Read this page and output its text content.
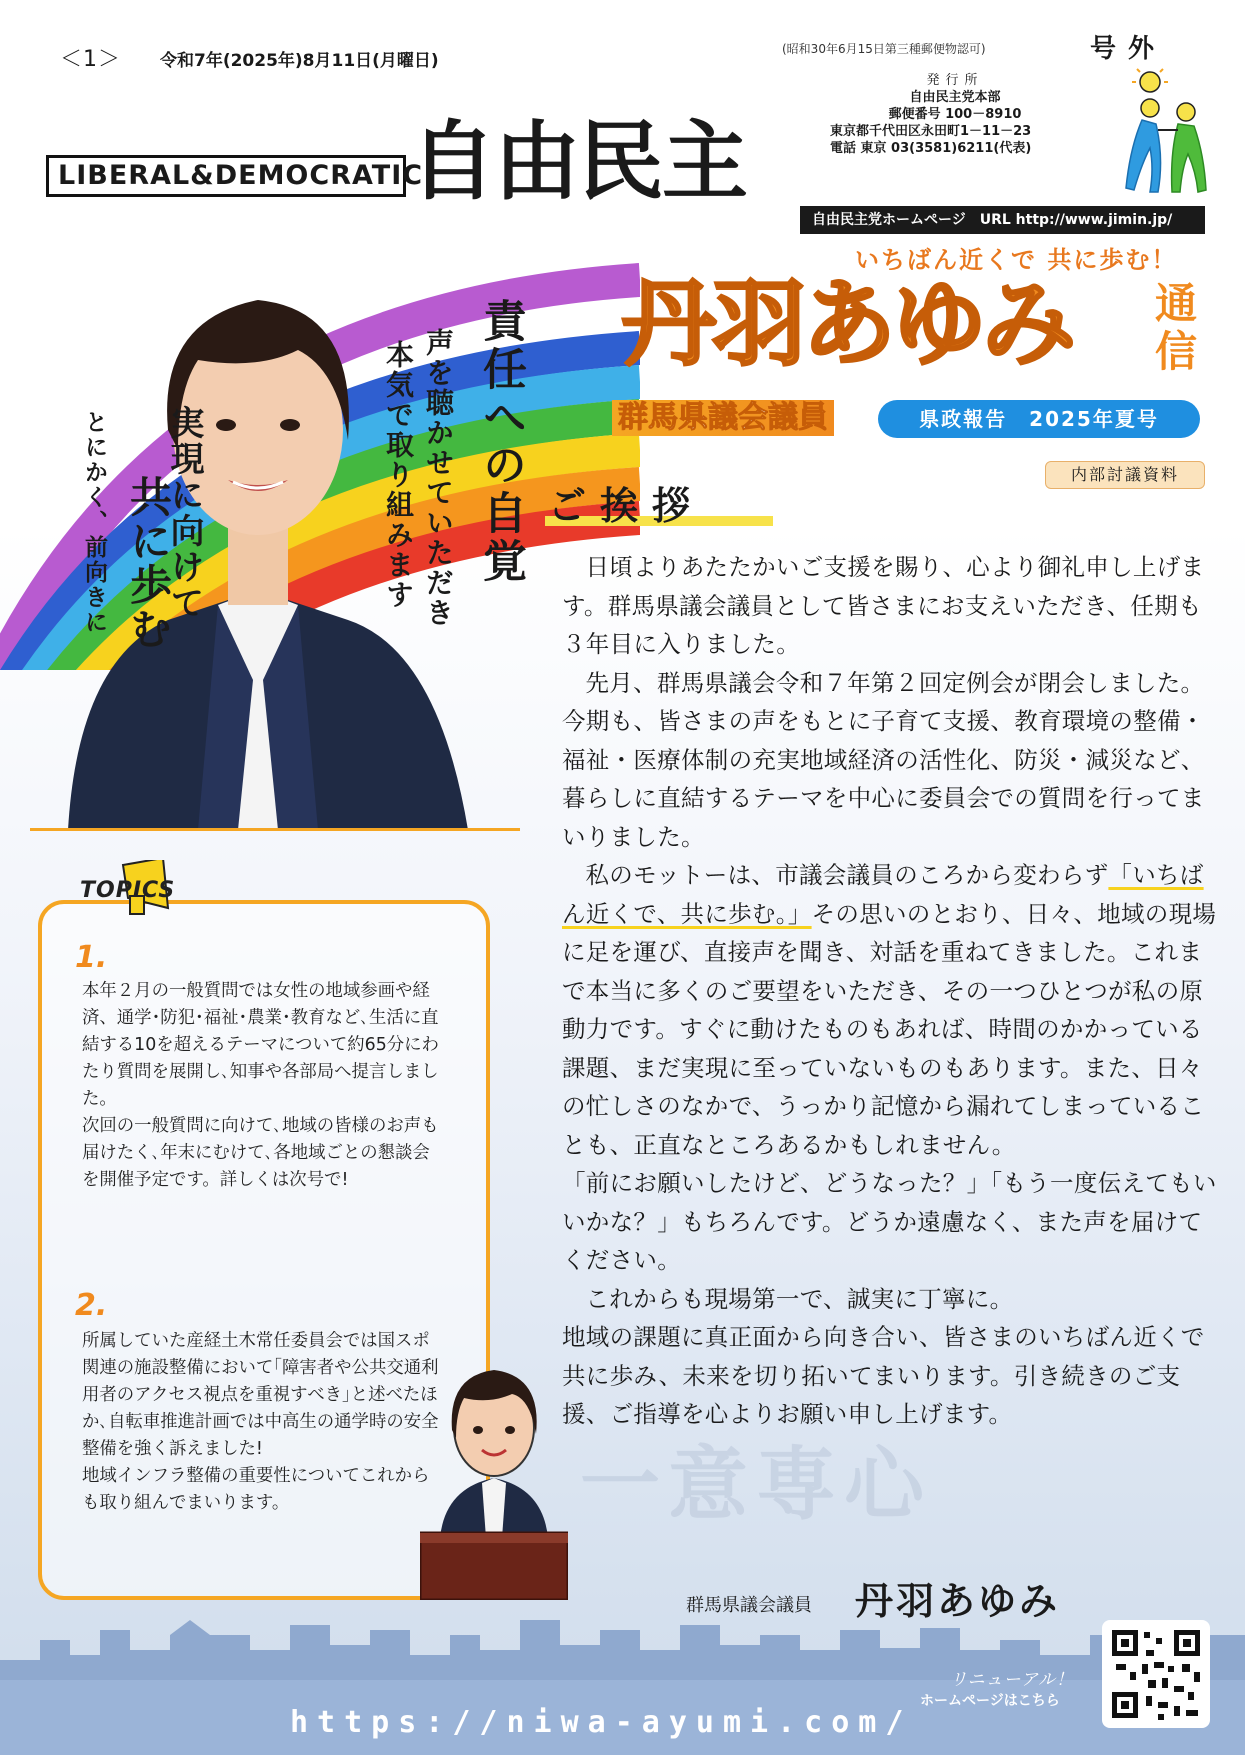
＜1＞ 令和7年(2025年)8月11日(月曜日)
(昭和30年6月15日第三種郵便物認可)	号外
発行所
自由民主党本部
郵便番号 100－8910
東京都千代田区永田町1－11－23
電話 東京 03(3581)6211(代表)
LIBERAL&DEMOCRATIC
自由民主
自由民主党ホームページ　URL http://www.jimin.jp/
いちばん近くで 共に歩む！
責任への自覚
声を聴かせていただき
本気で取り組みます
実現に向けて
共に歩む
とにかく、前向きに
丹羽あゆみ 通信
群馬県議会議員	県政報告　2025年夏号
内部討議資料
ご挨拶

日頃よりあたたかいご支援を賜り、心より御礼申し上げます。群馬県議会議員として皆さまにお支えいただき、任期も３年目に入りました。

先月、群馬県議会令和７年第２回定例会が閉会しました。今期も、皆さまの声をもとに子育て支援、教育環境の整備・福祉・医療体制の充実地域経済の活性化、防災・減災など、暮らしに直結するテーマを中心に委員会での質問を行ってまいりました。

私のモットーは、市議会議員のころから変わらず「いちばん近くで、共に歩む。」その思いのとおり、日々、地域の現場に足を運び、直接声を聞き、対話を重ねてきました。これまで本当に多くのご要望をいただき、その一つひとつが私の原動力です。すぐに動けたものもあれば、時間のかかっている課題、まだ実現に至っていないものもあります。また、日々の忙しさのなかで、うっかり記憶から漏れてしまっていることも、正直なところあるかもしれません。

「前にお願いしたけど、どうなった？」「もう一度伝えてもいいかな？」もちろんです。どうか遠慮なく、また声を届けてください。

これからも現場第一で、誠実に丁寧に。

地域の課題に真正面から向き合い、皆さまのいちばん近くで共に歩み、未来を切り拓いてまいります。引き続きのご支援、ご指導を心よりお願い申し上げます。

一意専心
群馬県議会議員 丹羽あゆみ
TOPICS
1.
本年２月の一般質問では女性の地域参画や経済、通学･防犯･福祉･農業･教育など､生活に直結する10を超えるテーマについて約65分にわたり質問を展開し､知事や各部局へ提言しました。
次回の一般質問に向けて､地域の皆様のお声も届けたく､年末にむけて､各地域ごとの懇談会を開催予定です。詳しくは次号で!
2.
所属していた産経土木常任委員会では国スポ関連の施設整備において｢障害者や公共交通利用者のアクセス視点を重視すべき｣と述べたほか､自転車推進計画では中高生の通学時の安全整備を強く訴えました!
地域インフラ整備の重要性についてこれからも取り組んでまいります。
https://niwa-ayumi.com/
リニューアル！
ホームページはこちら
